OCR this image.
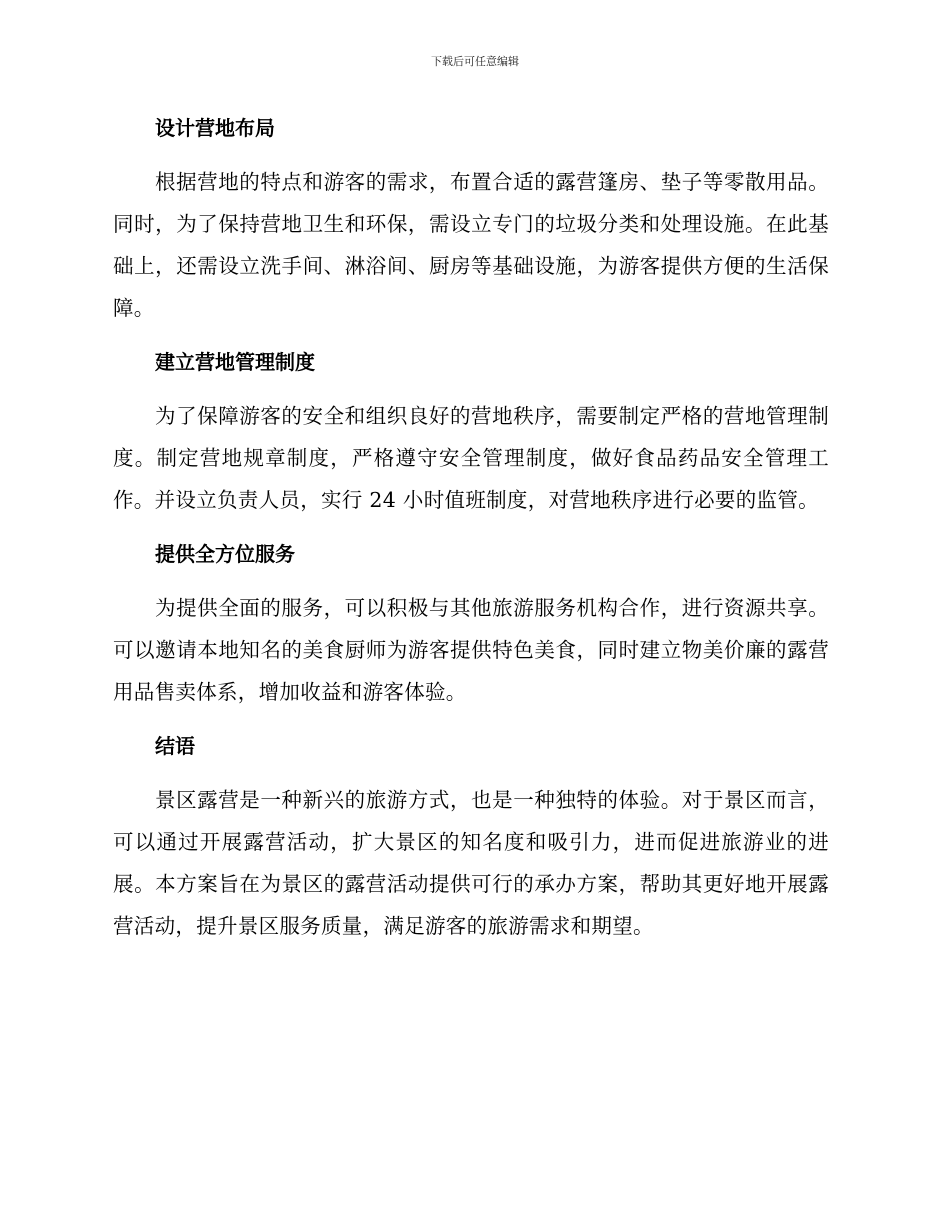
下载后可任意编辑
设计营地布局

根据营地的特点和游客的需求，布置合适的露营篷房、垫子等零散用品。同时，为了保持营地卫生和环保，需设立专门的垃圾分类和处理设施。在此基础上，还需设立洗手间、淋浴间、厨房等基础设施，为游客提供方便的生活保障。

建立营地管理制度

为了保障游客的安全和组织良好的营地秩序，需要制定严格的营地管理制度。制定营地规章制度，严格遵守安全管理制度，做好食品药品安全管理工作。并设立负责人员，实行 24 小时值班制度，对营地秩序进行必要的监管。

提供全方位服务

为提供全面的服务，可以积极与其他旅游服务机构合作，进行资源共享。可以邀请本地知名的美食厨师为游客提供特色美食，同时建立物美价廉的露营用品售卖体系，增加收益和游客体验。

结语

景区露营是一种新兴的旅游方式，也是一种独特的体验。对于景区而言，可以通过开展露营活动，扩大景区的知名度和吸引力，进而促进旅游业的进展。本方案旨在为景区的露营活动提供可行的承办方案，帮助其更好地开展露营活动，提升景区服务质量，满足游客的旅游需求和期望。
